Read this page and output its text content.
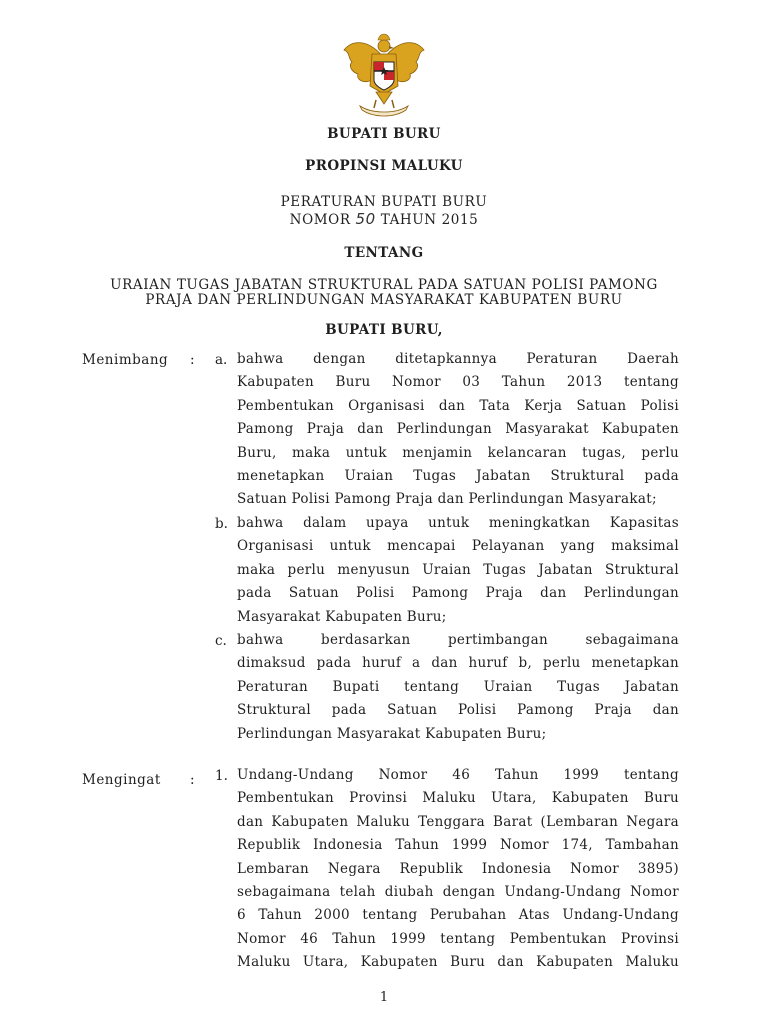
BUPATI BURU
PROPINSI MALUKU
PERATURAN BUPATI BURU
NOMOR 50 TAHUN 2015
TENTANG
URAIAN TUGAS JABATAN STRUKTURAL PADA SATUAN POLISI PAMONG
PRAJA DAN PERLINDUNGAN MASYARAKAT KABUPATEN BURU
BUPATI BURU,
Menimbang : a. bahwa dengan ditetapkannya Peraturan Daerah
Kabupaten Buru Nomor 03 Tahun 2013 tentang
Pembentukan Organisasi dan Tata Kerja Satuan Polisi
Pamong Praja dan Perlindungan Masyarakat Kabupaten
Buru, maka untuk menjamin kelancaran tugas, perlu
menetapkan Uraian Tugas Jabatan Struktural pada
Satuan Polisi Pamong Praja dan Perlindungan Masyarakat;
b. bahwa dalam upaya untuk meningkatkan Kapasitas
Organisasi untuk mencapai Pelayanan yang maksimal
maka perlu menyusun Uraian Tugas Jabatan Struktural
pada Satuan Polisi Pamong Praja dan Perlindungan
Masyarakat Kabupaten Buru;
c. bahwa berdasarkan pertimbangan sebagaimana
dimaksud pada huruf a dan huruf b, perlu menetapkan
Peraturan Bupati tentang Uraian Tugas Jabatan
Struktural pada Satuan Polisi Pamong Praja dan
Perlindungan Masyarakat Kabupaten Buru;
Mengingat : 1. Undang-Undang Nomor 46 Tahun 1999 tentang
Pembentukan Provinsi Maluku Utara, Kabupaten Buru
dan Kabupaten Maluku Tenggara Barat (Lembaran Negara
Republik Indonesia Tahun 1999 Nomor 174, Tambahan
Lembaran Negara Republik Indonesia Nomor 3895)
sebagaimana telah diubah dengan Undang-Undang Nomor
6 Tahun 2000 tentang Perubahan Atas Undang-Undang
Nomor 46 Tahun 1999 tentang Pembentukan Provinsi
Maluku Utara, Kabupaten Buru dan Kabupaten Maluku
1
